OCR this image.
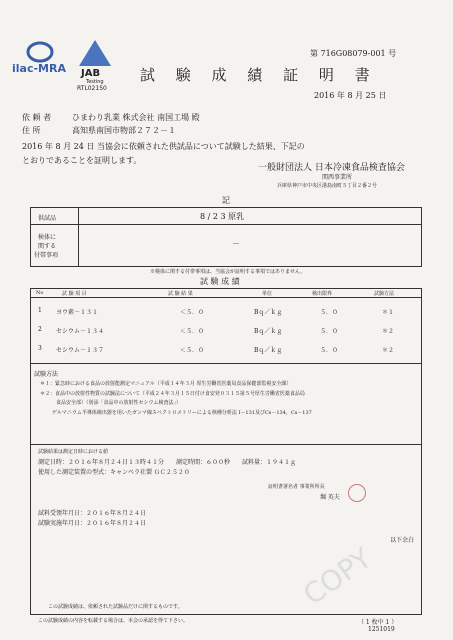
ilac-MRA JAB
Testing
RTL02150
第 716G08079-001 号
試 験 成 績 証 明 書
2016 年 8 月 25 日
依 頼 者	ひまわり乳業 株式会社 南国工場 殿
住 所	高知県南国市物部２７２－１
2016 年 8 月 24 日 当協会に依頼された供試品について試験した結果、下記の
とおりであることを証明します。
一般財団法人 日本冷凍食品検査協会
関西事業所
兵庫県神戸市中央区港島南町５丁目２番２号
記
供試品	8 / 2 3 原乳
検体に
関する
付帯事項
－
※検体に関する付帯事項は、当協会が証明する事項ではありません。
試 験 成 績
No	試 験 項 目	試 験 結 果	単位	検出限界	試験方法
1 ヨウ素－１３１	＜５．０	Bｑ／ｋｇ	５．０	＊１
2 セシウム－１３４	＜５．０	Bｑ／ｋｇ	５．０	＊２
3 セシウム－１３７	＜５．０	Bｑ／ｋｇ	５．０	＊２
試験方法
＊１：緊急時における食品の放射能測定マニュアル（平成１４年３月 厚生労働省医薬局食品保健部監視安全課）
＊２：食品中の放射性物質の試験法について（平成２４年３月１５日付け食安発０３１５第５号厚生労働省医薬食品局
食品安全部）（別添「食品中の放射性セシウム検査法」）
ゲルマニウム半導体検出器を用いたガンマ線スペクトロメトリーによる核種分析法 I－131及びCs－134，Cs－137
試験結果は測定日時における値
測定日時：２０１６年８月２４日１３時４１分　　測定時間：６００秒　　試料量：１９４１ｇ
使用した測定装置の型式：キャンベラ社製 ＧＣ２５２０
証明書署名者 事業所所長
堀 英夫
試料受領年月日：２０１６年８月２４日
試験実施年月日：２０１６年８月２４日
以下余白
COPY
この試験成績は、依頼された試験品だけに関するものです。
この試験成績の内容を転載する場合は、本会の承認を得て下さい。	（ 1 枚中 1 ）
1251019
